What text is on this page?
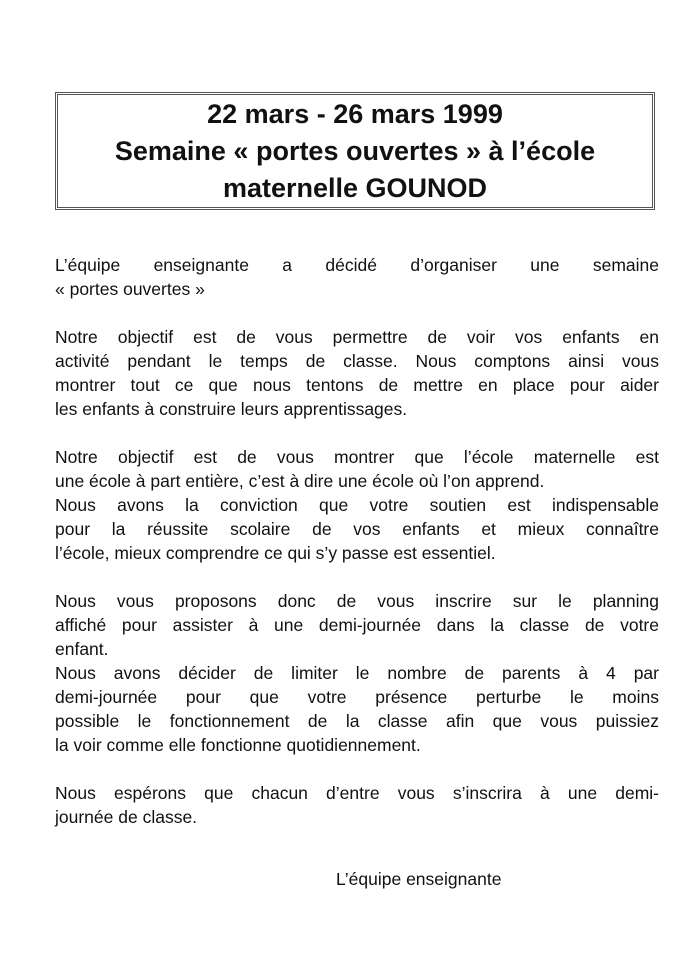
22 mars - 26 mars 1999
Semaine « portes ouvertes » à l’école
maternelle GOUNOD
L’équipe enseignante a décidé d’organiser une semaine
« portes ouvertes »
Notre objectif est de vous permettre de voir vos enfants en
activité pendant le temps de classe. Nous comptons ainsi vous
montrer tout ce que nous tentons de mettre en place pour aider
les enfants à construire leurs apprentissages.
Notre objectif est de vous montrer que l’école maternelle est
une école à part entière, c’est à dire une école où l’on apprend.
Nous avons la conviction que votre soutien est indispensable
pour la réussite scolaire de vos enfants et mieux connaître
l’école, mieux comprendre ce qui s’y passe est essentiel.
Nous vous proposons donc de vous inscrire sur le planning
affiché pour assister à une demi-journée dans la classe de votre
enfant.
Nous avons décider de limiter le nombre de parents à 4 par
demi-journée pour que votre présence perturbe le moins
possible le fonctionnement de la classe afin que vous puissiez
la voir comme elle fonctionne quotidiennement.
Nous espérons que chacun d’entre vous s’inscrira à une demi-
journée de classe.
L’équipe enseignante
